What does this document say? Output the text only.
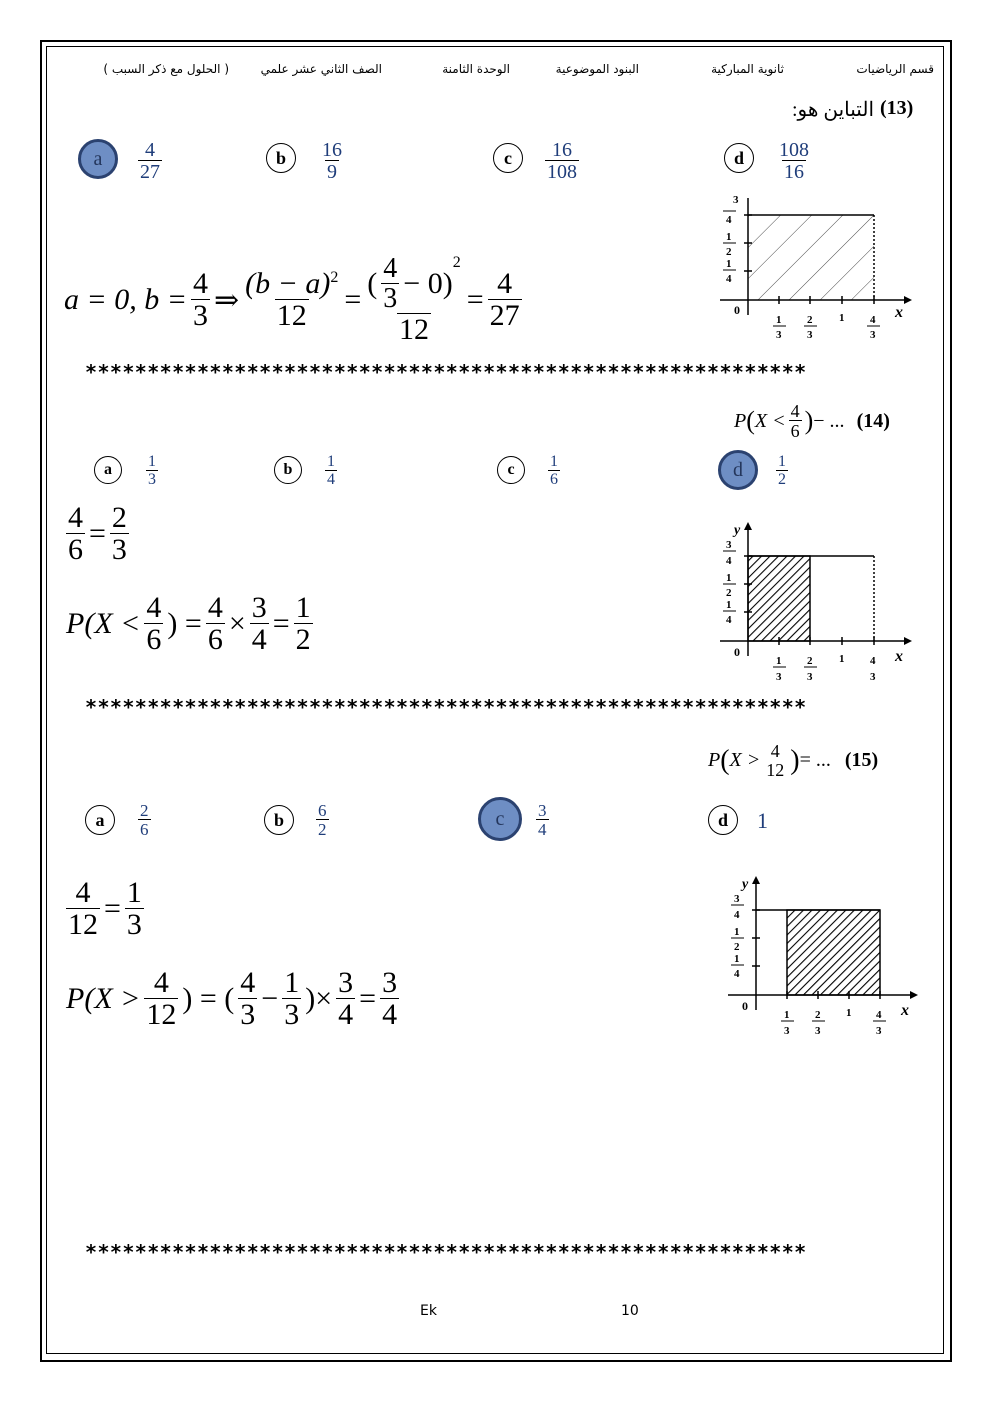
قسم الرياضيات
ثانوية المباركية
البنود الموضوعية
الوحدة الثامنة
الصف الثاني عشر علمي
( الحلول مع ذكر السبب )
(13)
التباين هو:
a $\frac{4}{27}$	b $\frac{16}{9}$	c $\frac{16}{108}$	d $\frac{108}{16}$
a = 0, $b = \frac{4}{3}$ ⇒ $\frac{(b - a)^2}{12}$ = ( $\frac{4}{3} - 0$)
$^2$
$12 = \frac{4}{27}$	0	x
3
1
3
2
3
1 4
3
1
4
1
2
4
**********************************************************
P ( $X < \frac{4}{6}$ ) − ... (14)
a $\frac{1}{3}$	b $\frac{1}{4}$	c $\frac{1}{6}$	d $\frac{1}{2}$
$\frac{4}{6} = \frac{2}{3}$
$P(X < \frac{4}{6}$ ) = $\frac{4}{6} \times \frac{3}{4} = \frac{1}{2}$	0	x
y
1
3
2
3
1 4
3
1
4
1
2
3
4
**********************************************************
P ( X > 4
12 ) = ... (15)
a $\frac{2}{6}$	b $\frac{6}{2}$	c $\frac{3}{4}$	d 1
$\frac{4}{12} = \frac{1}{3}$
$P(X > \frac{4}{12}$ ) = ( $\frac{4}{3} - \frac{1}{3}$ ) × $\frac{3}{4} = \frac{3}{4}$	0	x
y
1
3
2
3
1 4
3
1
4
1
2
3
4
**********************************************************
Ek	10
